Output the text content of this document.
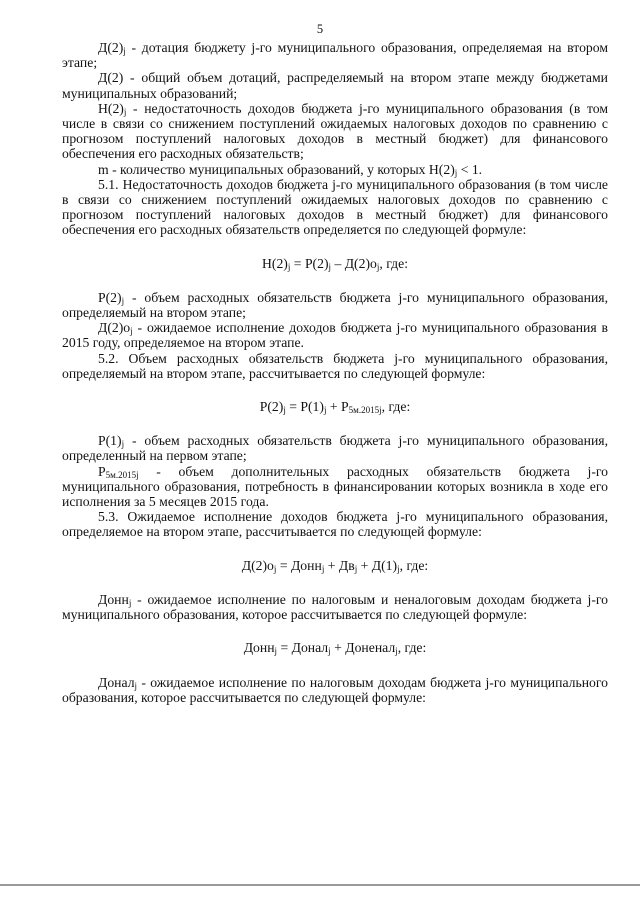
5

$Д(2)_j$ - дотация бюджету j-го муниципального образования, определяемая на втором этапе;

Д(2) - общий объем дотаций, распределяемый на втором этапе между бюджетами муниципальных образований;

$Н(2)_j$ - недостаточность доходов бюджета j-го муниципального образования (в том числе в связи со снижением поступлений ожидаемых налоговых доходов по сравнению с прогнозом поступлений налоговых доходов в местный бюджет) для финансового обеспечения его расходных обязательств;

m - количество муниципальных образований, у которых $Н(2)_j < 1$.

5.1. Недостаточность доходов бюджета j-го муниципального образования (в том числе в связи со снижением поступлений ожидаемых налоговых доходов по сравнению с прогнозом поступлений налоговых доходов в местный бюджет) для финансового обеспечения его расходных обязательств определяется по следующей формуле:

$Н(2)_j = Р(2)_j - Д(2)о_j$, где:

$Р(2)_j$ - объем расходных обязательств бюджета j-го муниципального образования, определяемый на втором этапе;

$Д(2)о_j$ - ожидаемое исполнение доходов бюджета j-го муниципального образования в 2015 году, определяемое на втором этапе.

5.2. Объем расходных обязательств бюджета j-го муниципального образования, определяемый на втором этапе, рассчитывается по следующей формуле:

$Р(2)_j = Р(1)_j + Р_{5м.2015j}$, где:

$Р(1)_j$ - объем расходных обязательств бюджета j-го муниципального образования, определенный на первом этапе;

$Р_{5м.2015j}$ - объем дополнительных расходных обязательств бюджета j-го муниципального образования, потребность в финансировании которых возникла в ходе его исполнения за 5 месяцев 2015 года.

5.3. Ожидаемое исполнение доходов бюджета j-го муниципального образования, определяемое на втором этапе, рассчитывается по следующей формуле:

$Д(2)о_j$ = Донн$_j$ + $Дв_j + Д(1)_j$, где:

Донн$_j$ - ожидаемое исполнение по налоговым и неналоговым доходам бюджета j-го муниципального образования, которое рассчитывается по следующей формуле:

Донн$_j$ = Донал$_j$ + Доненал$_j$, где:

Донал$_j$ - ожидаемое исполнение по налоговым доходам бюджета j-го муниципального образования, которое рассчитывается по следующей формуле:
